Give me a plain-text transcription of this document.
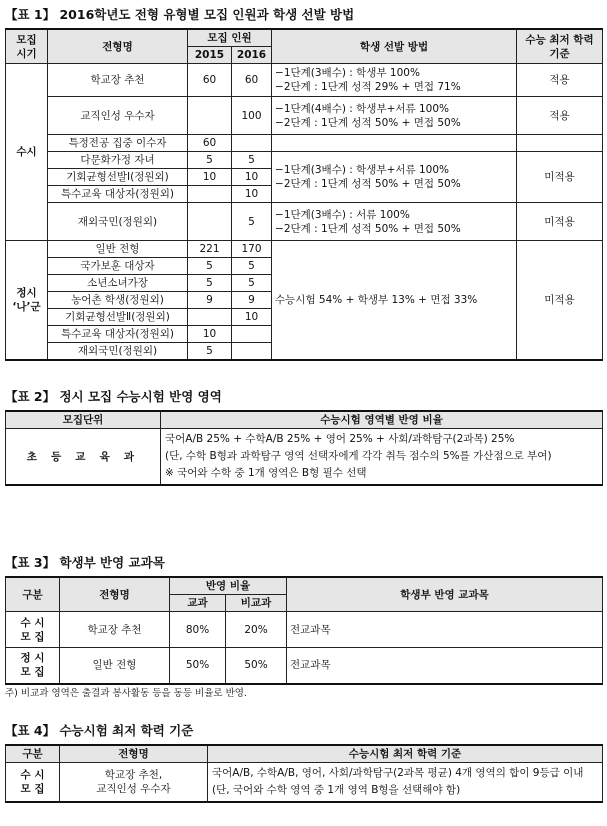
【표 1】 2016학년도 전형 유형별 모집 인원과 학생 선발 방법
모집 시기	전형명	모집 인원		학생 선발 방법	수능 최저 학력 기준
		2015	2016		
수시	학교장 추천	60	60	−1단계(3배수) : 학생부 100%
−2단계 : 1단계 성적 29% + 면접 71%	적용
	교직인성 우수자		100	−1단계(4배수) : 학생부+서류 100%
−2단계 : 1단계 성적 50% + 면접 50%	적용
	특정전공 집중 이수자	60			
	다문화가정 자녀	5	5	−1단계(3배수) : 학생부+서류 100%
−2단계 : 1단계 성적 50% + 면접 50%	미적용
	기회균형선발Ⅰ(정원외)	10	10		
	특수교육 대상자(정원외)		10		
	재외국민(정원외)		5	−1단계(3배수) : 서류 100%
−2단계 : 1단계 성적 50% + 면접 50%	미적용

정시
‘나’군	일반 전형	221	170	수능시험 54% + 학생부 13% + 면접 33%	미적용
	국가보훈 대상자	5	5		
	소년소녀가장	5	5		
	농어촌 학생(정원외)	9	9		
	기회균형선발Ⅱ(정원외)		10		
	특수교육 대상자(정원외)	10			
	재외국민(정원외)	5			
【표 2】 정시 모집 수능시험 반영 영역
모집단위	수능시험 영역별 반영 비율
초 등 교 육 과	국어A/B 25% + 수학A/B 25% + 영어 25% + 사회/과학탐구(2과목) 25%
(단, 수학 B형과 과학탐구 영역 선택자에게 각각 취득 점수의 5%를 가산점으로 부여)
※ 국어와 수학 중 1개 영역은 B형 필수 선택
【표 3】 학생부 반영 교과목
구분	전형명	반영 비율		학생부 반영 교과목
		교과	비교과	

수 시
모 집	학교장 추천	80%	20%	전교과목

정 시
모 집	일반 전형	50%	50%	전교과목
주) 비교과 영역은 출결과 봉사활동 등을 동등 비율로 반영.
【표 4】 수능시험 최저 학력 기준
구분	전형명	수능시험 최저 학력 기준

수 시
모 집	학교장 추천,
교직인성 우수자	국어A/B, 수학A/B, 영어, 사회/과학탐구(2과목 평균) 4개 영역의 합이 9등급 이내(단, 국어와 수학 영역 중 1개 영역 B형을 선택해야 함)
